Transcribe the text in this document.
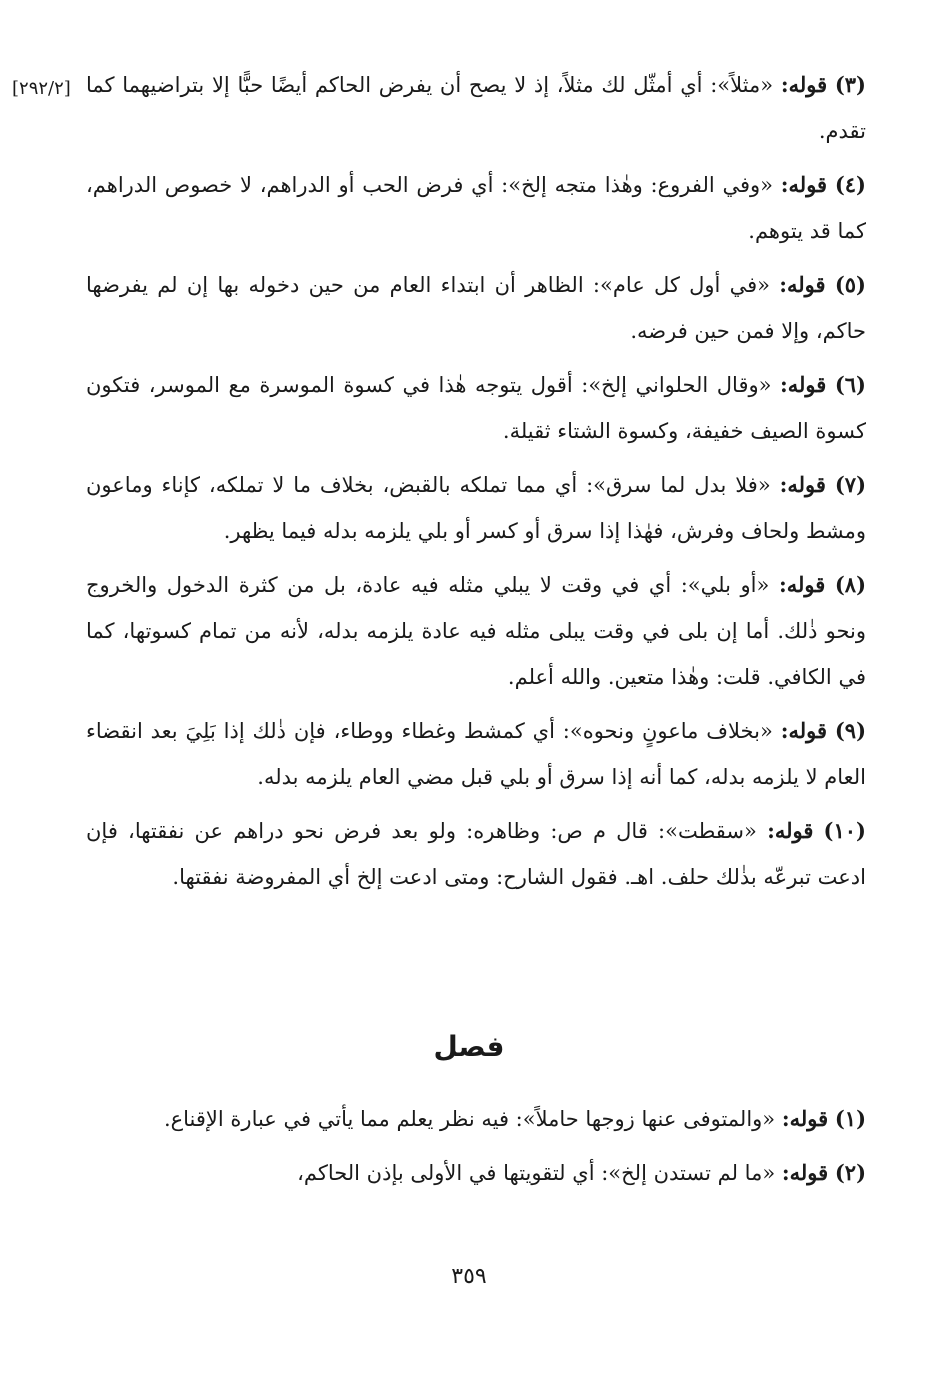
[٢٩٢/٢]	(٣) قوله: «مثلاً»: أي أمثّل لك مثلاً، إذ لا يصح أن يفرض الحاكم أيضًا حبًّا إلا بتراضيهما كما تقدم.

(٤) قوله: «وفي الفروع: وهٰذا متجه إلخ»: أي فرض الحب أو الدراهم، لا خصوص الدراهم، كما قد يتوهم.

(٥) قوله: «في أول كل عام»: الظاهر أن ابتداء العام من حين دخوله بها إن لم يفرضها حاكم، وإلا فمن حين فرضه.

(٦) قوله: «وقال الحلواني إلخ»: أقول يتوجه هٰذا في كسوة الموسرة مع الموسر، فتكون كسوة الصيف خفيفة، وكسوة الشتاء ثقيلة.

(٧) قوله: «فلا بدل لما سرق»: أي مما تملكه بالقبض، بخلاف ما لا تملكه، كإناء وماعون ومشط ولحاف وفرش، فهٰذا إذا سرق أو كسر أو بلي يلزمه بدله فيما يظهر.

(٨) قوله: «أو بلي»: أي في وقت لا يبلي مثله فيه عادة، بل من كثرة الدخول والخروج ونحو ذٰلك. أما إن بلى في وقت يبلى مثله فيه عادة يلزمه بدله، لأنه من تمام كسوتها، كما في الكافي. قلت: وهٰذا متعين. والله أعلم.

(٩) قوله: «بخلاف ماعونٍ ونحوه»: أي كمشط وغطاء ووطاء، فإن ذٰلك إذا بَلِيَ بعد انقضاء العام لا يلزمه بدله، كما أنه إذا سرق أو بلي قبل مضي العام يلزمه بدله.

(١٠) قوله: «سقطت»: قال م ص: وظاهره: ولو بعد فرض نحو دراهم عن نفقتها، فإن ادعت تبرعّه بذٰلك حلف. اهـ. فقول الشارح: ومتى ادعت إلخ أي المفروضة نفقتها.

فصل

(١) قوله: «والمتوفى عنها زوجها حاملاً»: فيه نظر يعلم مما يأتي في عبارة الإقناع.

(٢) قوله: «ما لم تستدن إلخ»: أي لتقويتها في الأولى بإذن الحاكم،

٣٥٩
